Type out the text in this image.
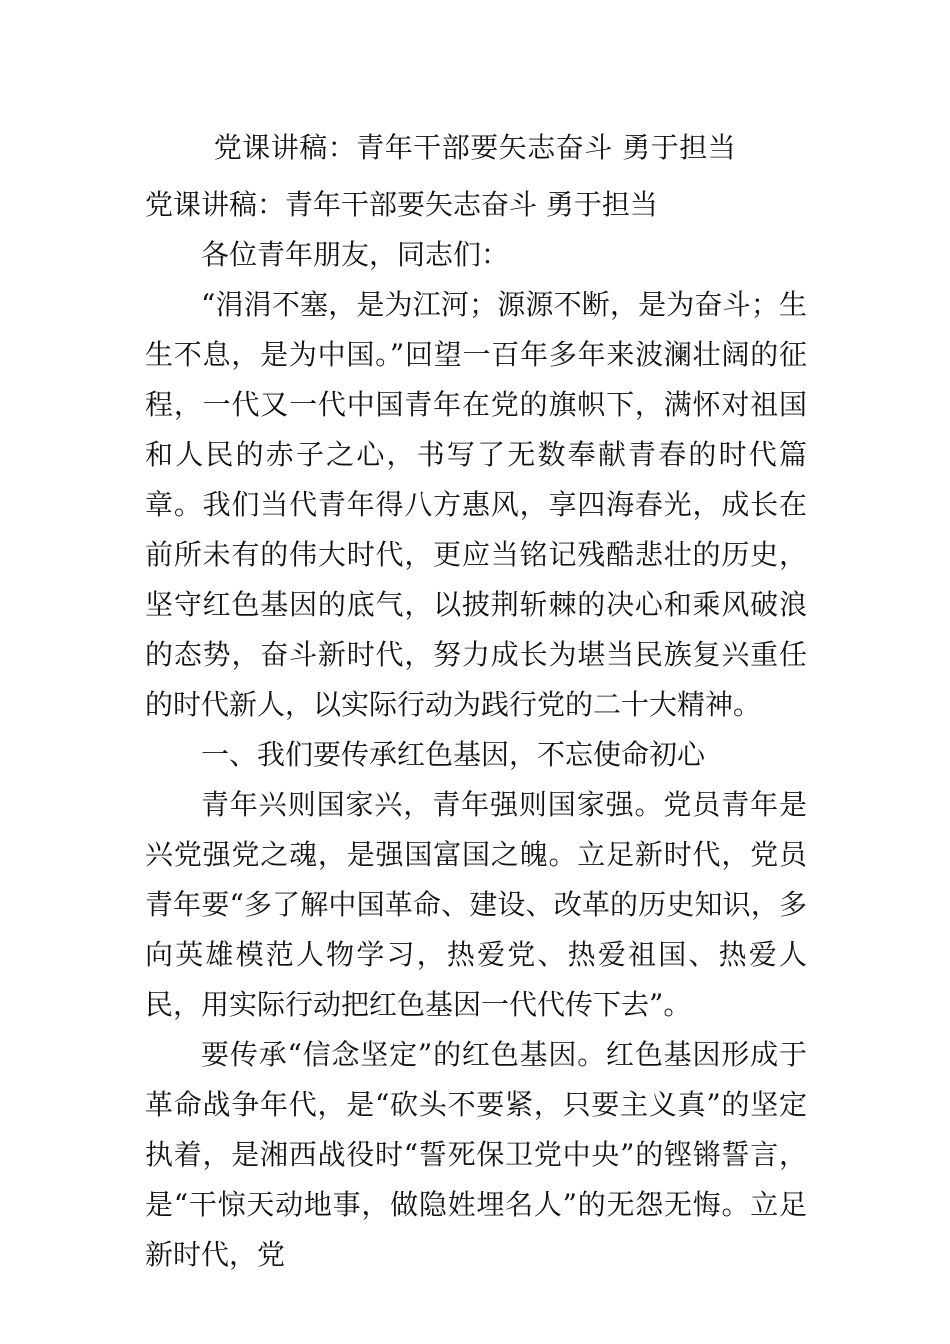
党课讲稿：青年干部要矢志奋斗 勇于担当

党课讲稿：青年干部要矢志奋斗 勇于担当

各位青年朋友，同志们：

“涓涓不塞，是为江河；源源不断，是为奋斗；生生不息，是为中国。”回望一百年多年来波澜壮阔的征程，一代又一代中国青年在党的旗帜下，满怀对祖国和人民的赤子之心，书写了无数奉献青春的时代篇章。我们当代青年得八方惠风，享四海春光，成长在前所未有的伟大时代，更应当铭记残酷悲壮的历史，坚守红色基因的底气，以披荆斩棘的决心和乘风破浪的态势，奋斗新时代，努力成长为堪当民族复兴重任的时代新人，以实际行动为践行党的二十大精神。

一、我们要传承红色基因，不忘使命初心

青年兴则国家兴，青年强则国家强。党员青年是兴党强党之魂，是强国富国之魄。立足新时代，党员青年要“多了解中国革命、建设、改革的历史知识，多向英雄模范人物学习，热爱党、热爱祖国、热爱人民，用实际行动把红色基因一代代传下去”。

要传承“信念坚定”的红色基因。红色基因形成于革命战争年代，是“砍头不要紧，只要主义真”的坚定执着，是湘西战役时“誓死保卫党中央”的铿锵誓言，是“干惊天动地事，做隐姓埋名人”的无怨无悔。立足新时代，党
